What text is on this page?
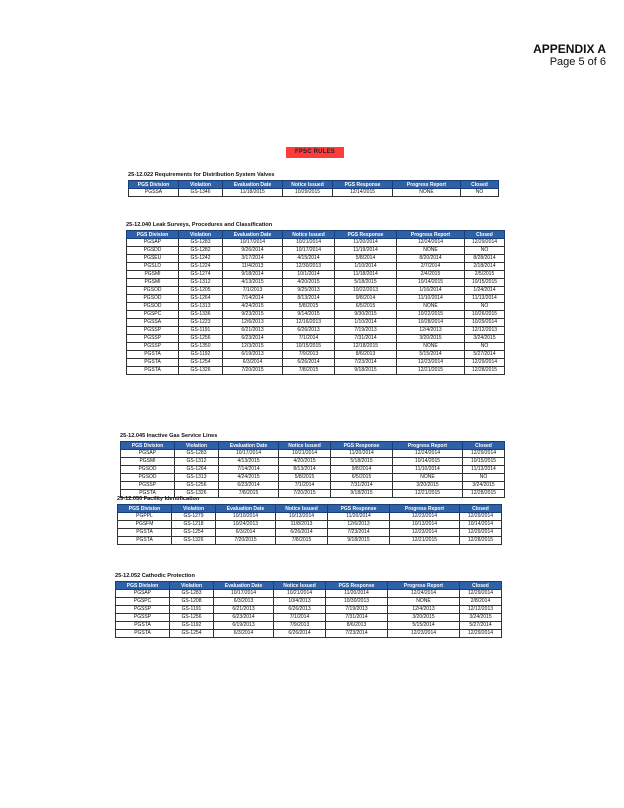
APPENDIX A
Page 5 of 6
FPSC RULES
25-12.022 Requirements for Distribution System Valves
PGS Division	Violation	Evaluation Date	Notice Issued	PGS Response	Progress Report	Closed
PGSSA	GS-1346	11/18/2015	10/29/2015	12/14/2015	NONE	NO
25-12.040 Leak Surveys, Procedures and Classification
PGS Division	Violation	Evaluation Date	Notice Issued	PGS Response	Progress Report	Closed
PGSAP	GS-1283	10/17/2014	10/21/2014	11/20/2014	12/24/2014	12/29/2014
PGSDD	GS-1282	9/26/2014	10/17/2014	11/19/2014	NONE	NO
PGSEU	GS-1242	3/17/2014	4/15/2014	5/8/2014	8/20/2014	8/28/2014
PGSLD	GS-1224	11/4/2013	12/30/2013	1/10/2014	2/7/2014	2/18/2014
PGSMI	GS-1274	9/18/2014	10/1/2014	11/18/2014	2/4/2015	2/5/2015
PGSMI	GS-1312	4/13/2015	4/20/2015	5/18/2015	10/14/2015	10/15/2015
PGSOD	GS-1205	7/1/2013	9/25/2013	10/22/2013	1/16/2014	1/24/2014
PGSOD	GS-1264	7/14/2014	8/13/2014	9/8/2014	11/10/2014	11/13/2014
PGSOD	GS-1313	4/24/2015	5/8/2015	6/5/2015	NONE	NO
PGSPC	GS-1336	9/23/2015	9/14/2015	9/30/2015	10/22/2015	10/26/2015
PGSSA	GS-1223	12/6/2013	12/16/2013	1/10/2014	10/28/2014	10/29/2014
PGSSP	GS-1191	6/21/2013	6/26/2013	7/19/2013	12/4/2013	12/12/2013
PGSSP	GS-1256	6/23/2014	7/1/2014	7/31/2014	3/20/2015	3/24/2015
PGSSP	GS-1350	12/3/2015	10/15/2015	12/18/2015	NONE	NO
PGSTA	GS-1192	6/19/2013	7/9/2013	8/6/2013	5/15/2014	5/27/2014
PGSTA	GS-1254	6/3/2014	6/26/2014	7/23/2014	12/23/2014	12/29/2014
PGSTA	GS-1326	7/20/2015	7/8/2015	9/18/2015	12/21/2015	12/28/2015
25-12.045 Inactive Gas Service Lines
PGS Division	Violation	Evaluation Date	Notice Issued	PGS Response	Progress Report	Closed
PGSAP	GS-1283	10/17/2014	10/21/2014	11/20/2014	12/24/2014	12/29/2014
PGSMI	GS-1312	4/13/2015	4/20/2015	5/18/2015	10/14/2015	10/15/2015
PGSOD	GS-1264	7/14/2014	8/13/2014	9/8/2014	11/10/2014	11/13/2014
PGSOD	GS-1313	4/24/2015	5/8/2015	6/5/2015	NONE	NO
PGSSP	GS-1256	6/23/2014	7/1/2014	7/31/2014	3/20/2015	3/24/2015
PGSTA	GS-1326	7/8/2015	7/20/2015	9/18/2015	12/21/2015	12/28/2015
25-12.050 Facility Identification
PGS Division	Violation	Evaluation Date	Notice Issued	PGS Response	Progress Report	Closed
PGPPL	GS-1279	10/10/2014	10/13/2014	11/20/2014	12/23/2014	12/29/2014
PGSFM	GS-1218	10/24/2013	11/8/2013	12/6/2013	10/13/2014	10/14/2014
PGSTA	GS-1254	6/3/2014	6/26/2014	7/23/2014	12/23/2014	12/29/2014
PGSTA	GS-1326	7/20/2015	7/8/2015	9/18/2015	12/21/2015	12/28/2015
25-12.052 Cathodic Protection
PGS Division	Violation	Evaluation Date	Notice Issued	PGS Response	Progress Report	Closed
PGSAP	GS-1283	10/17/2014	10/21/2014	11/20/2014	12/24/2014	12/29/2014
PGSPC	GS-1208	6/3/2013	10/4/2013	10/30/2013	NONE	2/8/2014
PGSSP	GS-1191	6/21/2013	6/26/2013	7/19/2013	12/4/2013	12/12/2013
PGSSP	GS-1256	6/23/2014	7/1/2014	7/31/2014	3/20/2015	3/24/2015
PGSTA	GS-1192	6/19/2013	7/9/2013	8/6/2013	5/15/2014	5/27/2014
PGSTA	GS-1254	6/3/2014	6/26/2014	7/23/2014	12/23/2014	12/29/2014
